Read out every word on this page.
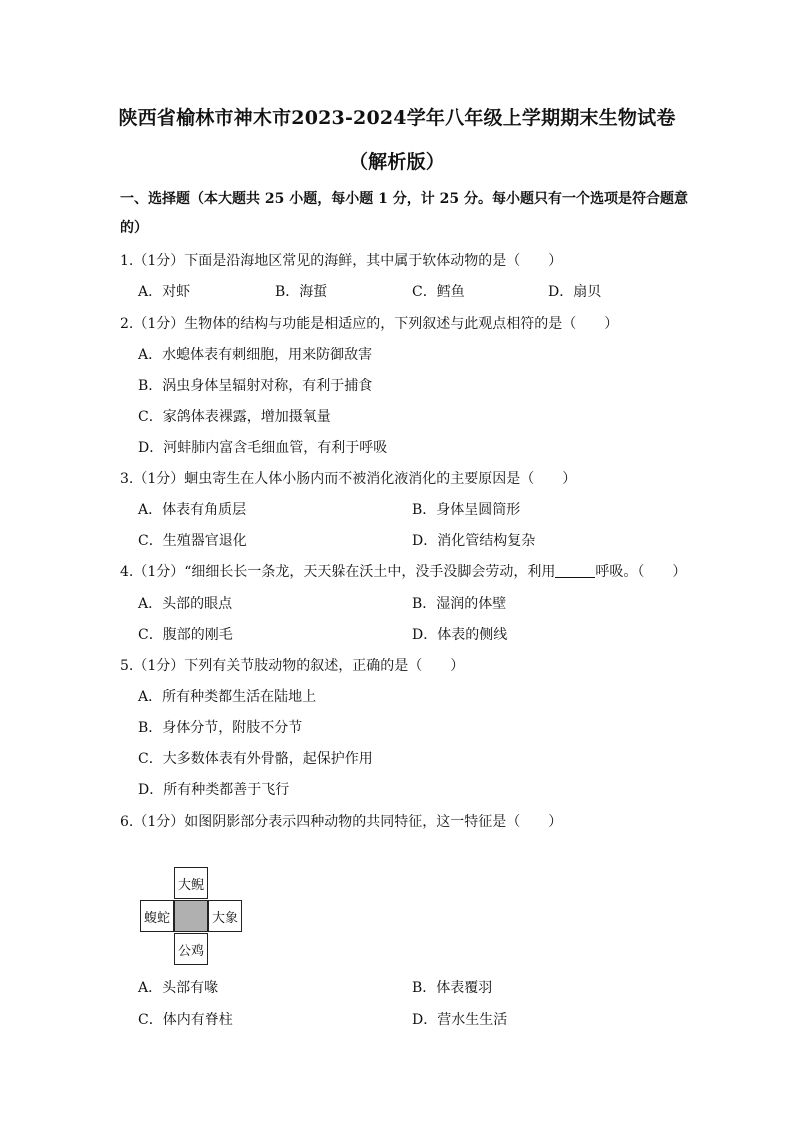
陕西省榆林市神木市2023-2024学年八年级上学期期末生物试卷
（解析版）
一、选择题（本大题共 25 小题，每小题 1 分，计 25 分。每小题只有一个选项是符合题意
的）
1.（1分）下面是沿海地区常见的海鲜，其中属于软体动物的是（　　）
A．对虾	B．海蜇	C．鳕鱼	D．扇贝
2.（1分）生物体的结构与功能是相适应的，下列叙述与此观点相符的是（　　）
A．水螅体表有刺细胞，用来防御敌害
B．涡虫身体呈辐射对称，有利于捕食
C．家鸽体表裸露，增加摄氧量
D．河蚌肺内富含毛细血管，有利于呼吸
3.（1分）蛔虫寄生在人体小肠内而不被消化液消化的主要原因是（　　）
A．体表有角质层	B．身体呈圆筒形
C．生殖器官退化	D．消化管结构复杂
4.（1分）“细细长长一条龙，天天躲在沃土中，没手没脚会劳动，利用	呼吸。（　　）
A．头部的眼点	B．湿润的体壁
C．腹部的刚毛	D．体表的侧线
5.（1分）下列有关节肢动物的叙述，正确的是（　　）
A．所有种类都生活在陆地上
B．身体分节，附肢不分节
C．大多数体表有外骨骼，起保护作用
D．所有种类都善于飞行
6.（1分）如图阴影部分表示四种动物的共同特征，这一特征是（　　）
大鲵
蝮蛇	大象
公鸡
A．头部有喙	B．体表覆羽
C．体内有脊柱	D．营水生生活
